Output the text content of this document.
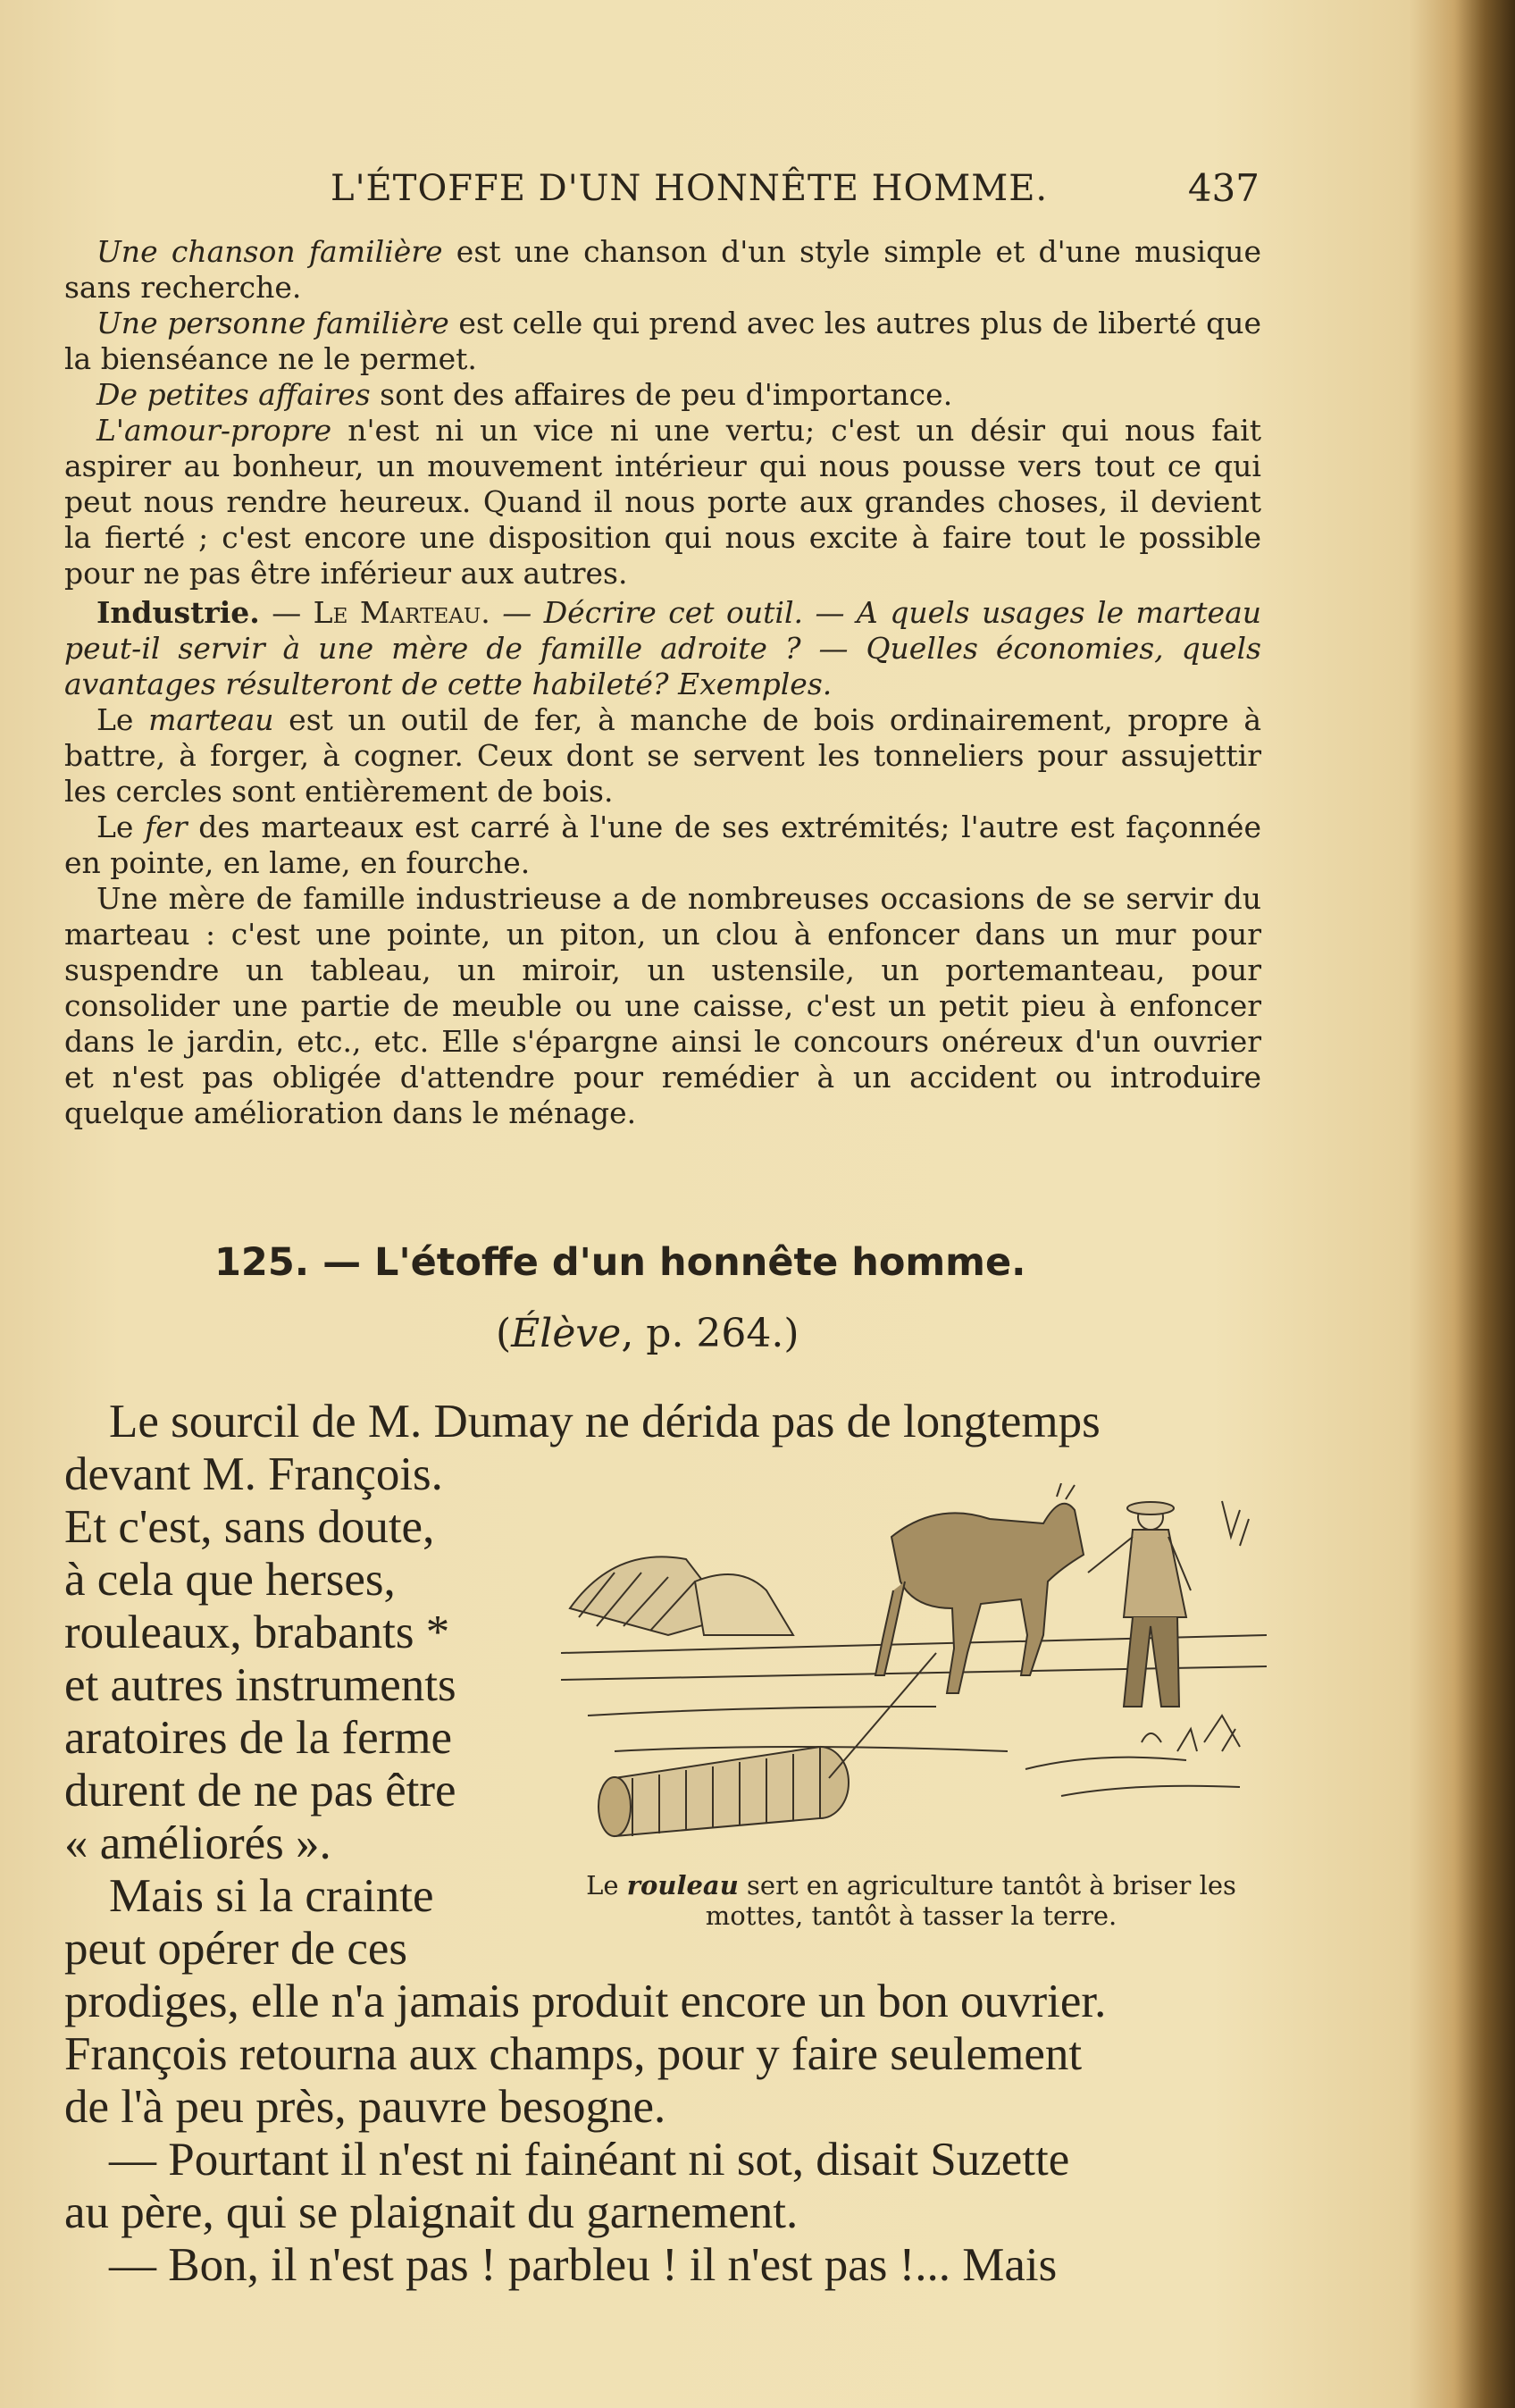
L'ÉTOFFE D'UN HONNÊTE HOMME.	437

Une chanson familière est une chanson d'un style simple et d'une musique sans recherche.

Une personne familière est celle qui prend avec les autres plus de liberté que la bienséance ne le permet.

De petites affaires sont des affaires de peu d'importance.

L'amour-propre n'est ni un vice ni une vertu; c'est un désir qui nous fait aspirer au bonheur, un mouvement intérieur qui nous pousse vers tout ce qui peut nous rendre heureux. Quand il nous porte aux grandes choses, il devient la fierté ; c'est encore une disposition qui nous excite à faire tout le possible pour ne pas être inférieur aux autres.

Industrie. — Le Marteau. — Décrire cet outil. — A quels usages le marteau peut-il servir à une mère de famille adroite ? — Quelles économies, quels avantages résulteront de cette habileté? Exemples.

Le marteau est un outil de fer, à manche de bois ordinairement, propre à battre, à forger, à cogner. Ceux dont se servent les tonneliers pour assujettir les cercles sont entièrement de bois.

Le fer des marteaux est carré à l'une de ses extrémités; l'autre est façonnée en pointe, en lame, en fourche.

Une mère de famille industrieuse a de nombreuses occasions de se servir du marteau : c'est une pointe, un piton, un clou à enfoncer dans un mur pour suspendre un tableau, un miroir, un ustensile, un portemanteau, pour consolider une partie de meuble ou une caisse, c'est un petit pieu à enfoncer dans le jardin, etc., etc. Elle s'épargne ainsi le concours onéreux d'un ouvrier et n'est pas obligée d'attendre pour remédier à un accident ou introduire quelque amélioration dans le ménage.

125. — L'étoffe d'un honnête homme.
(Élève, p. 264.)
Le sourcil de M. Dumay ne dérida pas de longtemps
devant M. François.
Et c'est, sans doute,
à cela que herses,
rouleaux, brabants *
et autres instruments
aratoires de la ferme
durent de ne pas être
« améliorés ».
Mais si la crainte
peut opérer de ces
Le rouleau sert en agriculture tantôt à briser les mottes, tantôt à tasser la terre.
prodiges, elle n'a jamais produit encore un bon ouvrier.
François retourna aux champs, pour y faire seulement
de l'à peu près, pauvre besogne.
— Pourtant il n'est ni fainéant ni sot, disait Suzette
au père, qui se plaignait du garnement.
— Bon, il n'est pas ! parbleu ! il n'est pas !... Mais
